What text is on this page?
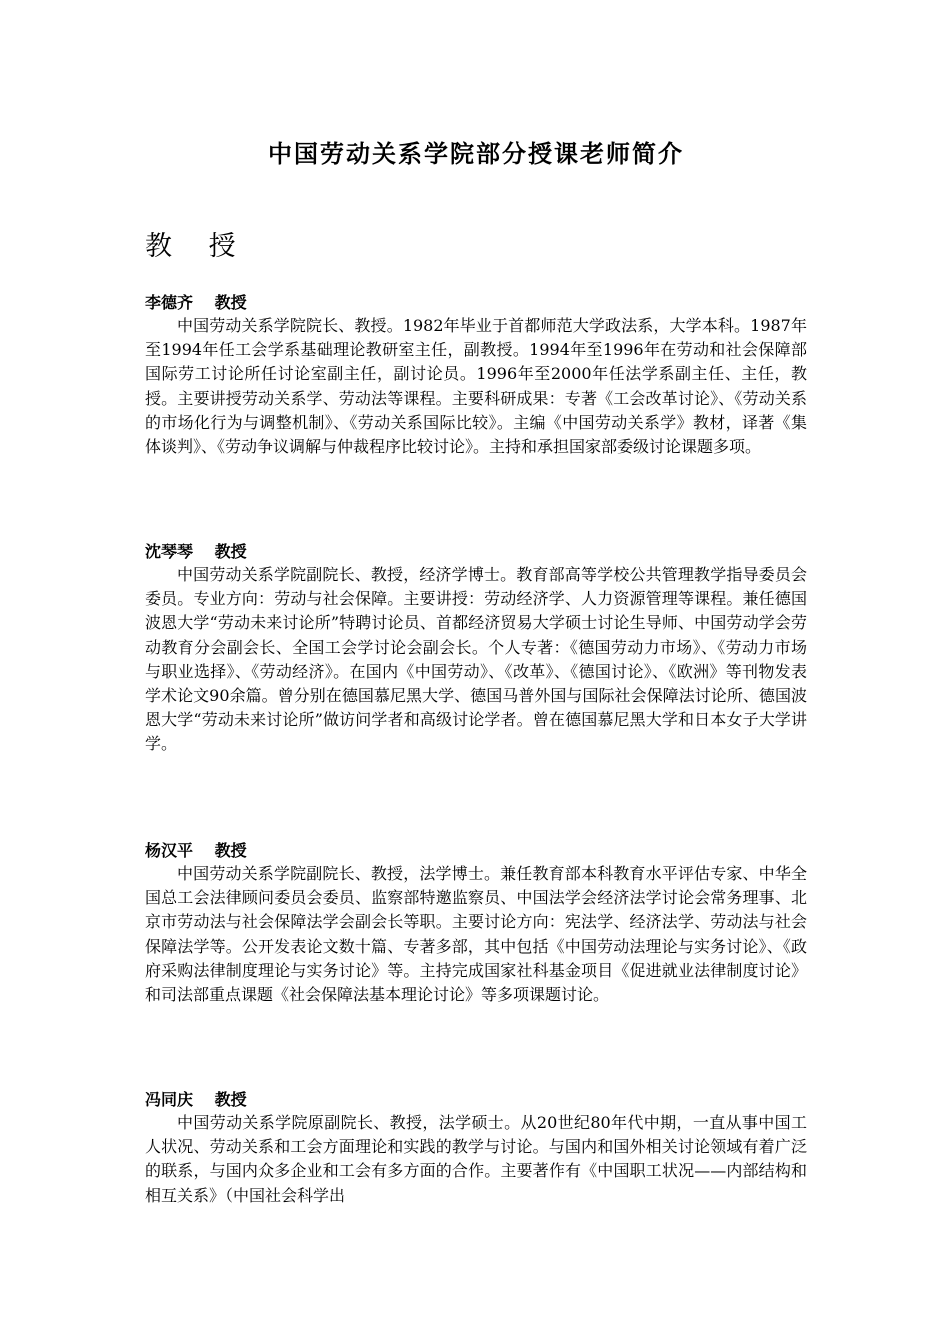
中国劳动关系学院部分授课老师简介
教 授
李德齐　 教授

中国劳动关系学院院长、教授。1982年毕业于首都师范大学政法系，大学本科。1987年至1994年任工会学系基础理论教研室主任，副教授。1994年至1996年在劳动和社会保障部国际劳工讨论所任讨论室副主任，副讨论员。1996年至2000年任法学系副主任、主任，教授。主要讲授劳动关系学、劳动法等课程。主要科研成果：专著《工会改革讨论》、《劳动关系的市场化行为与调整机制》、《劳动关系国际比较》。主编《中国劳动关系学》教材，译著《集体谈判》、《劳动争议调解与仲裁程序比较讨论》。主持和承担国家部委级讨论课题多项。

沈琴琴　 教授

中国劳动关系学院副院长、教授，经济学博士。教育部高等学校公共管理教学指导委员会委员。专业方向：劳动与社会保障。主要讲授：劳动经济学、人力资源管理等课程。兼任德国波恩大学“劳动未来讨论所”特聘讨论员、首都经济贸易大学硕士讨论生导师、中国劳动学会劳动教育分会副会长、全国工会学讨论会副会长。个人专著：《德国劳动力市场》、《劳动力市场与职业选择》、《劳动经济》。在国内《中国劳动》、《改革》、《德国讨论》、《欧洲》等刊物发表学术论文90余篇。曾分别在德国慕尼黑大学、德国马普外国与国际社会保障法讨论所、德国波恩大学“劳动未来讨论所”做访问学者和高级讨论学者。曾在德国慕尼黑大学和日本女子大学讲学。

杨汉平　 教授

中国劳动关系学院副院长、教授，法学博士。兼任教育部本科教育水平评估专家、中华全国总工会法律顾问委员会委员、监察部特邀监察员、中国法学会经济法学讨论会常务理事、北京市劳动法与社会保障法学会副会长等职。主要讨论方向：宪法学、经济法学、劳动法与社会保障法学等。公开发表论文数十篇、专著多部，其中包括《中国劳动法理论与实务讨论》、《政府采购法律制度理论与实务讨论》等。主持完成国家社科基金项目《促进就业法律制度讨论》和司法部重点课题《社会保障法基本理论讨论》等多项课题讨论。

冯同庆　 教授

中国劳动关系学院原副院长、教授，法学硕士。从20世纪80年代中期，一直从事中国工人状况、劳动关系和工会方面理论和实践的教学与讨论。与国内和国外相关讨论领域有着广泛的联系，与国内众多企业和工会有多方面的合作。主要著作有《中国职工状况——内部结构和相互关系》（中国社会科学出
